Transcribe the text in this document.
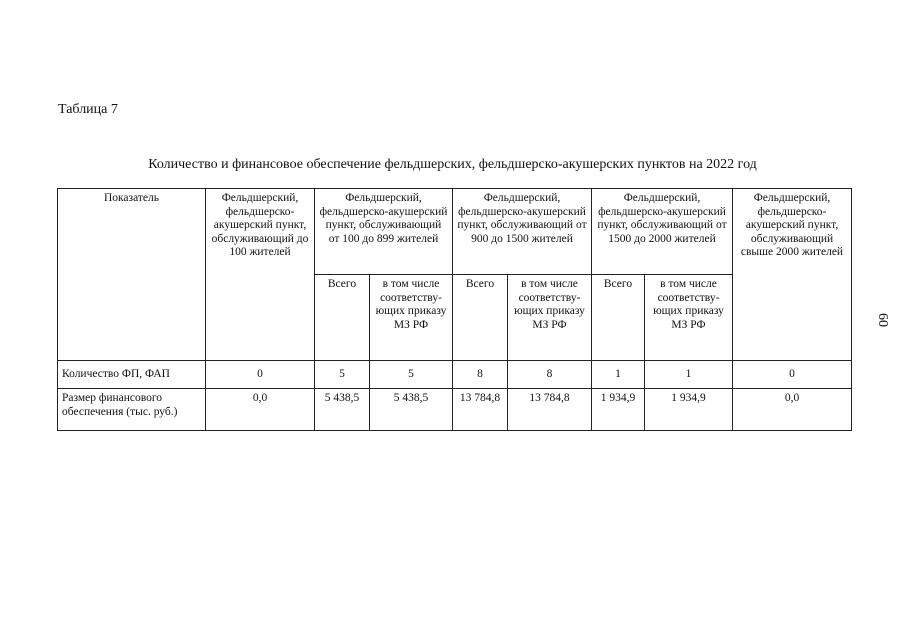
Таблица 7
Количество и финансовое обеспечение фельдшерских, фельдшерско-акушерских пунктов на 2022 год
60
Показатель	Фельдшерский, фельдшерско-акушерский пункт, обслуживающий до 100 жителей	Фельдшерский, фельдшерско-акушерский пункт, обслуживающий от 100 до 899 жителей		Фельдшерский, фельдшерско-акушерский пункт, обслуживающий от 900 до 1500 жителей		Фельдшерский, фельдшерско-акушерский пункт, обслуживающий от 1500 до 2000 жителей		Фельдшерский, фельдшерско-акушерский пункт, обслуживающий свыше 2000 жителей
		Всего	в том числе соответству-ющих приказу МЗ РФ	Всего	в том числе соответству-ющих приказу МЗ РФ	Всего	в том числе соответству-ющих приказу МЗ РФ	
Количество ФП, ФАП	0	5	5	8	8	1	1	0
Размер финансового обеспечения (тыс. руб.)	0,0	5 438,5	5 438,5	13 784,8	13 784,8	1 934,9	1 934,9	0,0
